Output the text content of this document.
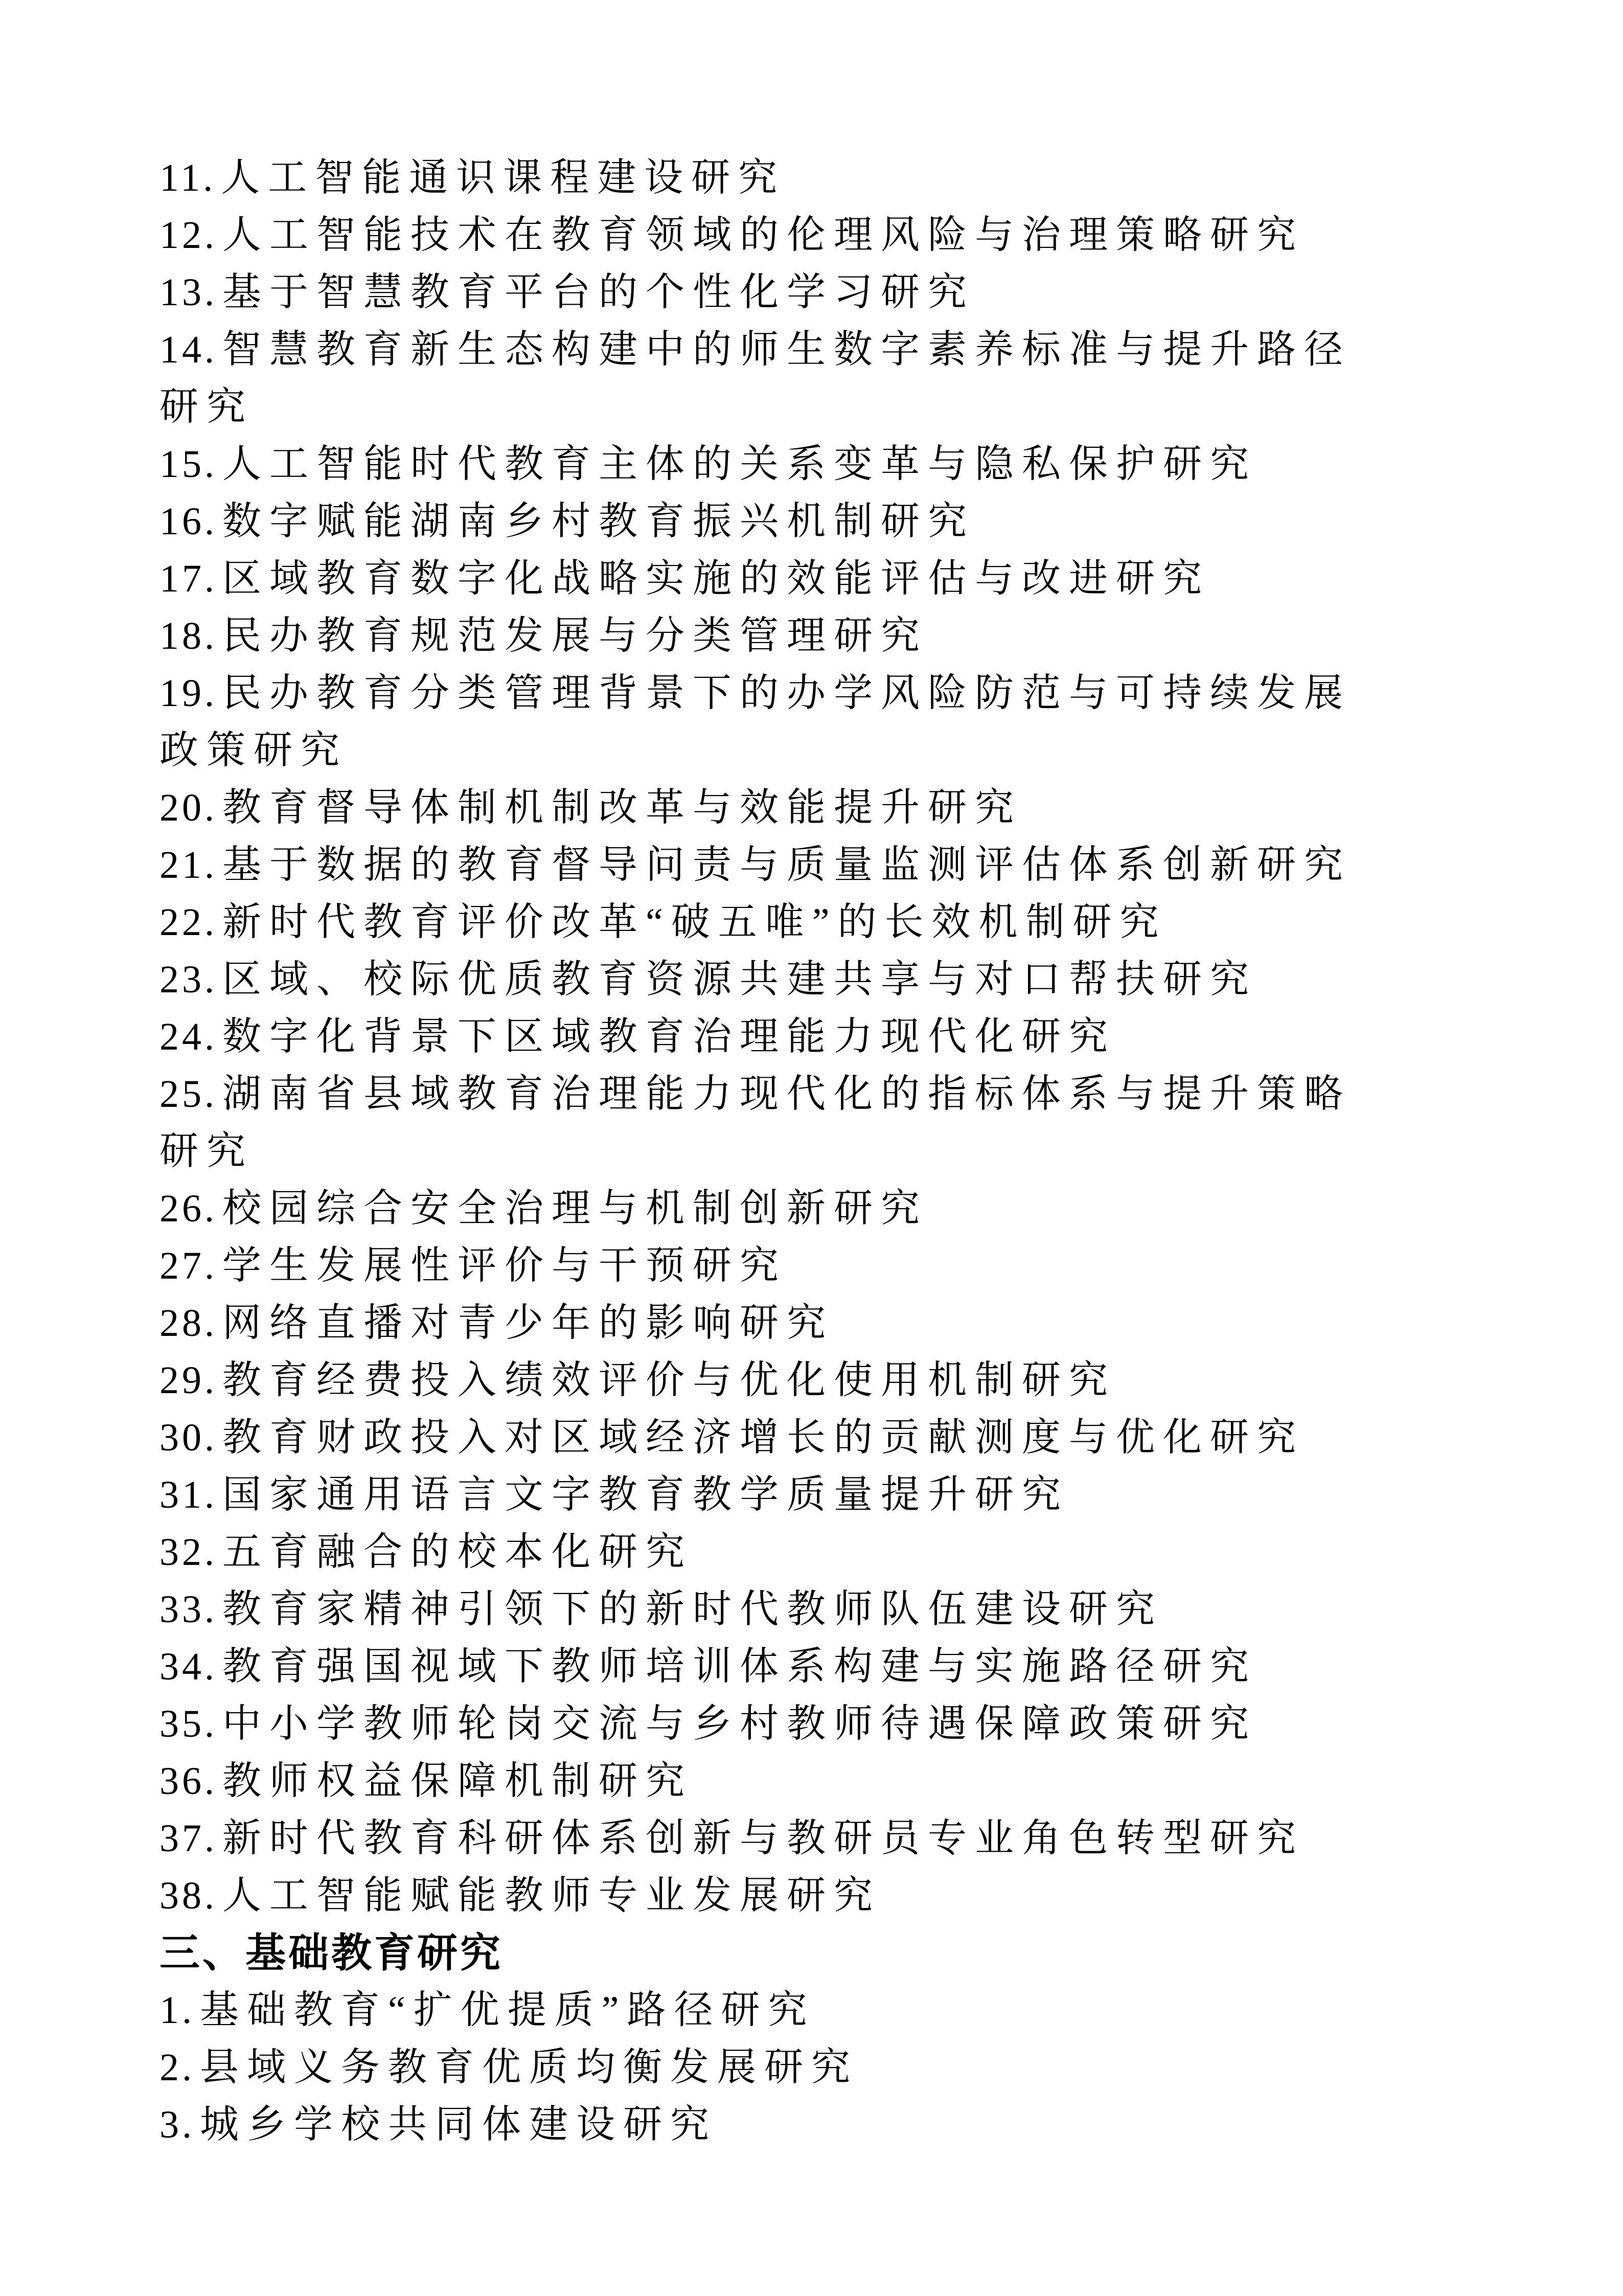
11. 人工智能通识课程建设研究
12. 人工智能技术在教育领域的伦理风险与治理策略研究
13. 基于智慧教育平台的个性化学习研究
14. 智慧教育新生态构建中的师生数字素养标准与提升路径
研究
15. 人工智能时代教育主体的关系变革与隐私保护研究
16. 数字赋能湖南乡村教育振兴机制研究
17. 区域教育数字化战略实施的效能评估与改进研究
18. 民办教育规范发展与分类管理研究
19. 民办教育分类管理背景下的办学风险防范与可持续发展
政策研究
20. 教育督导体制机制改革与效能提升研究
21. 基于数据的教育督导问责与质量监测评估体系创新研究
22. 新时代教育评价改革“破五唯”的长效机制研究
23. 区域、校际优质教育资源共建共享与对口帮扶研究
24. 数字化背景下区域教育治理能力现代化研究
25. 湖南省县域教育治理能力现代化的指标体系与提升策略
研究
26. 校园综合安全治理与机制创新研究
27. 学生发展性评价与干预研究
28. 网络直播对青少年的影响研究
29. 教育经费投入绩效评价与优化使用机制研究
30. 教育财政投入对区域经济增长的贡献测度与优化研究
31. 国家通用语言文字教育教学质量提升研究
32. 五育融合的校本化研究
33. 教育家精神引领下的新时代教师队伍建设研究
34. 教育强国视域下教师培训体系构建与实施路径研究
35. 中小学教师轮岗交流与乡村教师待遇保障政策研究
36. 教师权益保障机制研究
37. 新时代教育科研体系创新与教研员专业角色转型研究
38. 人工智能赋能教师专业发展研究
三、基础教育研究
1. 基础教育“扩优提质”路径研究
2. 县域义务教育优质均衡发展研究
3. 城乡学校共同体建设研究
